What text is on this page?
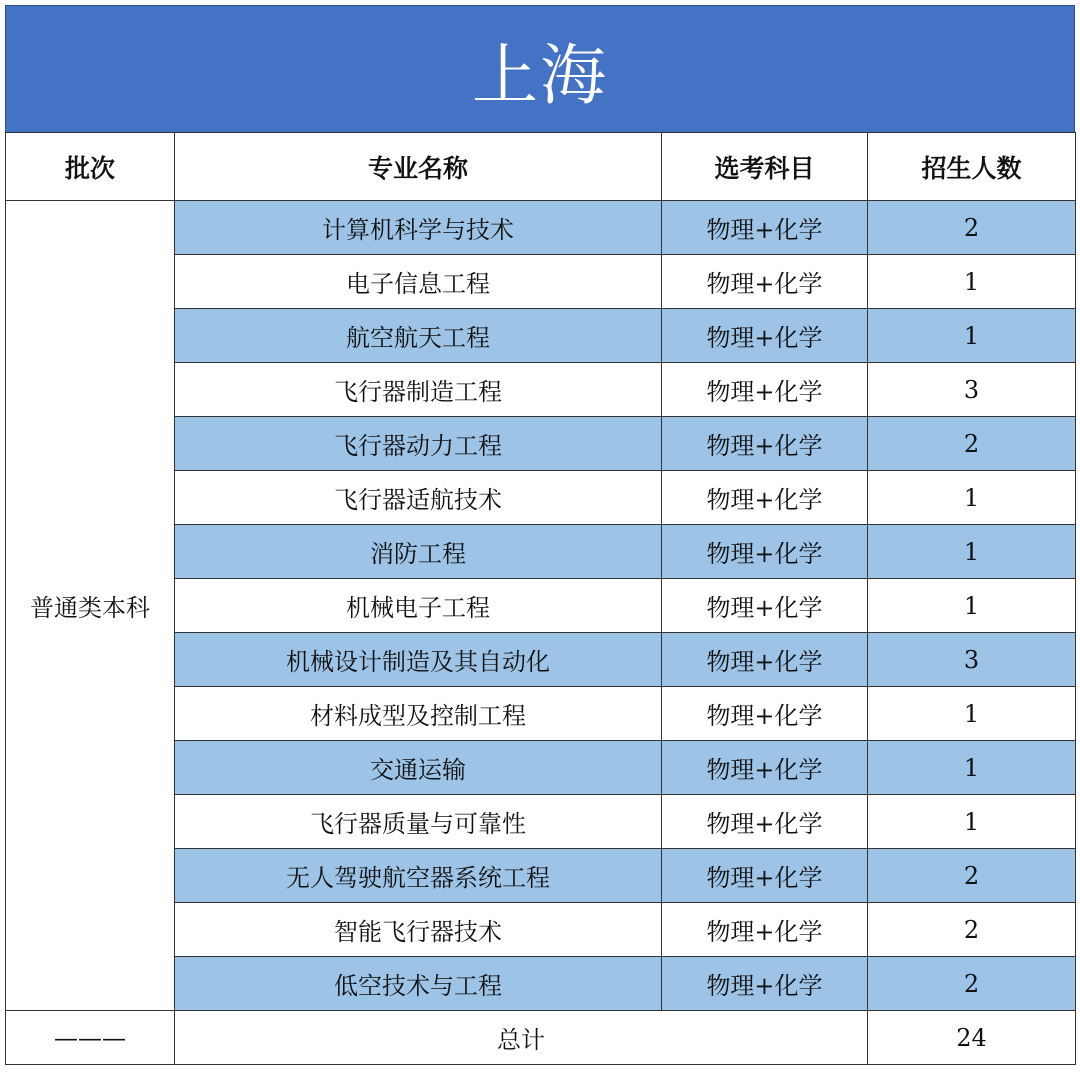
上海
批次	专业名称	选考科目	招生人数
普通类本科	计算机科学与技术	物理+化学	2
	电子信息工程	物理+化学	1
	航空航天工程	物理+化学	1
	飞行器制造工程	物理+化学	3
	飞行器动力工程	物理+化学	2
	飞行器适航技术	物理+化学	1
	消防工程	物理+化学	1
	机械电子工程	物理+化学	1
	机械设计制造及其自动化	物理+化学	3
	材料成型及控制工程	物理+化学	1
	交通运输	物理+化学	1
	飞行器质量与可靠性	物理+化学	1
	无人驾驶航空器系统工程	物理+化学	2
	智能飞行器技术	物理+化学	2
	低空技术与工程	物理+化学	2
———	总计		24
